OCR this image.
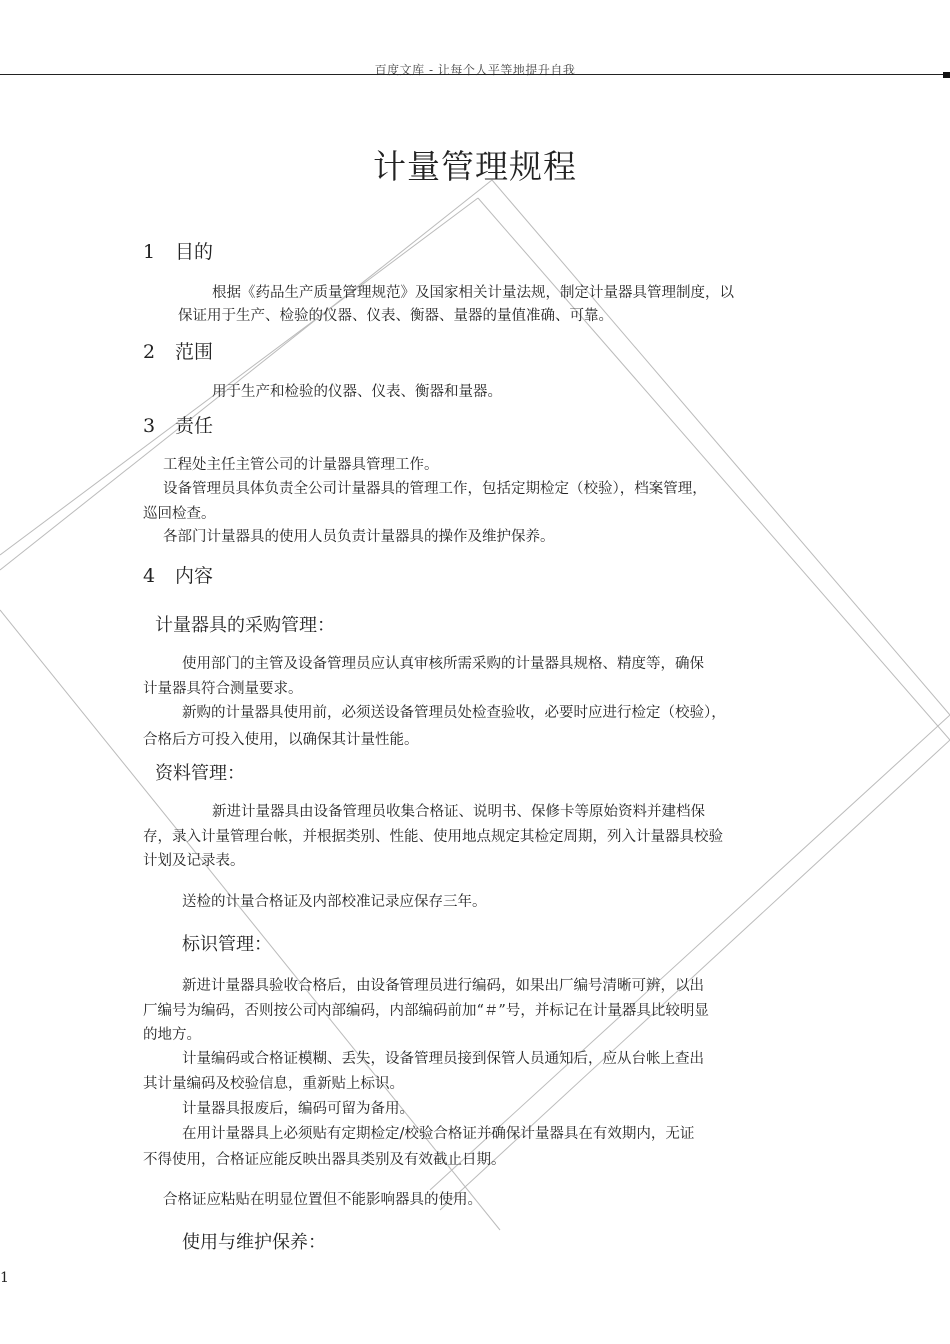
百度文库 - 让每个人平等地提升自我
计量管理规程
1 目的
根据《药品生产质量管理规范》及国家相关计量法规，制定计量器具管理制度，以
保证用于生产、检验的仪器、仪表、衡器、量器的量值准确、可靠。
2 范围
用于生产和检验的仪器、仪表、衡器和量器。
3 责任
工程处主任主管公司的计量器具管理工作。
设备管理员具体负责全公司计量器具的管理工作，包括定期检定（校验），档案管理，
巡回检查。
各部门计量器具的使用人员负责计量器具的操作及维护保养。
4 内容
计量器具的采购管理：
使用部门的主管及设备管理员应认真审核所需采购的计量器具规格、精度等，确保
计量器具符合测量要求。
新购的计量器具使用前，必须送设备管理员处检查验收，必要时应进行检定（校验），
合格后方可投入使用，以确保其计量性能。
资料管理：
新进计量器具由设备管理员收集合格证、说明书、保修卡等原始资料并建档保
存，录入计量管理台帐，并根据类别、性能、使用地点规定其检定周期，列入计量器具校验
计划及记录表。
送检的计量合格证及内部校准记录应保存三年。
标识管理：
新进计量器具验收合格后，由设备管理员进行编码，如果出厂编号清晰可辨，以出
厂编号为编码，否则按公司内部编码，内部编码前加“＃”号，并标记在计量器具比较明显
的地方。
计量编码或合格证模糊、丢失，设备管理员接到保管人员通知后，应从台帐上查出
其计量编码及校验信息，重新贴上标识。
计量器具报废后，编码可留为备用。
在用计量器具上必须贴有定期检定/校验合格证并确保计量器具在有效期内，无证
不得使用，合格证应能反映出器具类别及有效截止日期。
合格证应粘贴在明显位置但不能影响器具的使用。
使用与维护保养：
1
